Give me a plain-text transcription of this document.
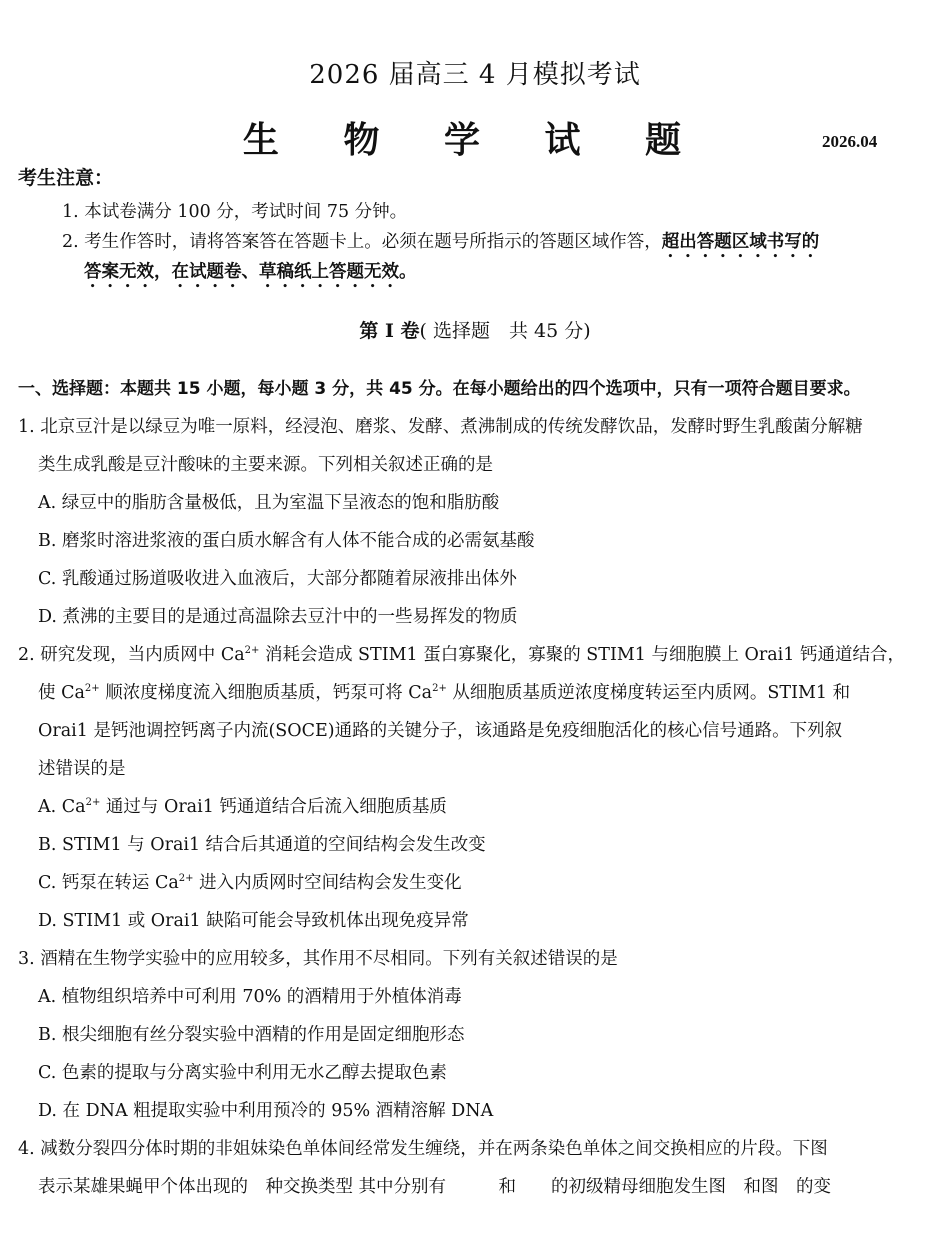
2026 届高三 4 月模拟考试
生 物 学 试 题	2026.04
考生注意：
1. 本试卷满分 100 分，考试时间 75 分钟。
2. 考生作答时，请将答案答在答题卡上。必须在题号所指示的答题区域作答，超出答题区域书写的
答案无效，在试题卷、草稿纸上答题无效。
第 I 卷( 选择题　共 45 分)
一、选择题：本题共 15 小题，每小题 3 分，共 45 分。在每小题给出的四个选项中，只有一项符合题目要求。
1. 北京豆汁是以绿豆为唯一原料，经浸泡、磨浆、发酵、煮沸制成的传统发酵饮品，发酵时野生乳酸菌分解糖
类生成乳酸是豆汁酸味的主要来源。下列相关叙述正确的是
A. 绿豆中的脂肪含量极低，且为室温下呈液态的饱和脂肪酸
B. 磨浆时溶进浆液的蛋白质水解含有人体不能合成的必需氨基酸
C. 乳酸通过肠道吸收进入血液后，大部分都随着尿液排出体外
D. 煮沸的主要目的是通过高温除去豆汁中的一些易挥发的物质
2. 研究发现，当内质网中 $Ca^{2+}$ 消耗会造成 STIM1 蛋白寡聚化，寡聚的 STIM1 与细胞膜上 Orai1 钙通道结合，
使 $Ca^{2+}$ 顺浓度梯度流入细胞质基质，钙泵可将 $Ca^{2+}$ 从细胞质基质逆浓度梯度转运至内质网。STIM1 和
Orai1 是钙池调控钙离子内流(SOCE)通路的关键分子，该通路是免疫细胞活化的核心信号通路。下列叙
述错误的是
A. $Ca^{2+}$ 通过与 Orai1 钙通道结合后流入细胞质基质
B. STIM1 与 Orai1 结合后其通道的空间结构会发生改变
C. 钙泵在转运 $Ca^{2+}$ 进入内质网时空间结构会发生变化
D. STIM1 或 Orai1 缺陷可能会导致机体出现免疫异常
3. 酒精在生物学实验中的应用较多，其作用不尽相同。下列有关叙述错误的是
A. 植物组织培养中可利用 70% 的酒精用于外植体消毒
B. 根尖细胞有丝分裂实验中酒精的作用是固定细胞形态
C. 色素的提取与分离实验中利用无水乙醇去提取色素
D. 在 DNA 粗提取实验中利用预冷的 95% 酒精溶解 DNA
4. 减数分裂四分体时期的非姐妹染色单体间经常发生缠绕，并在两条染色单体之间交换相应的片段。下图
表示某雄果蝇甲个体出现的　种交换类型 其中分别有　　　和　　的初级精母细胞发生图　和图　的变
